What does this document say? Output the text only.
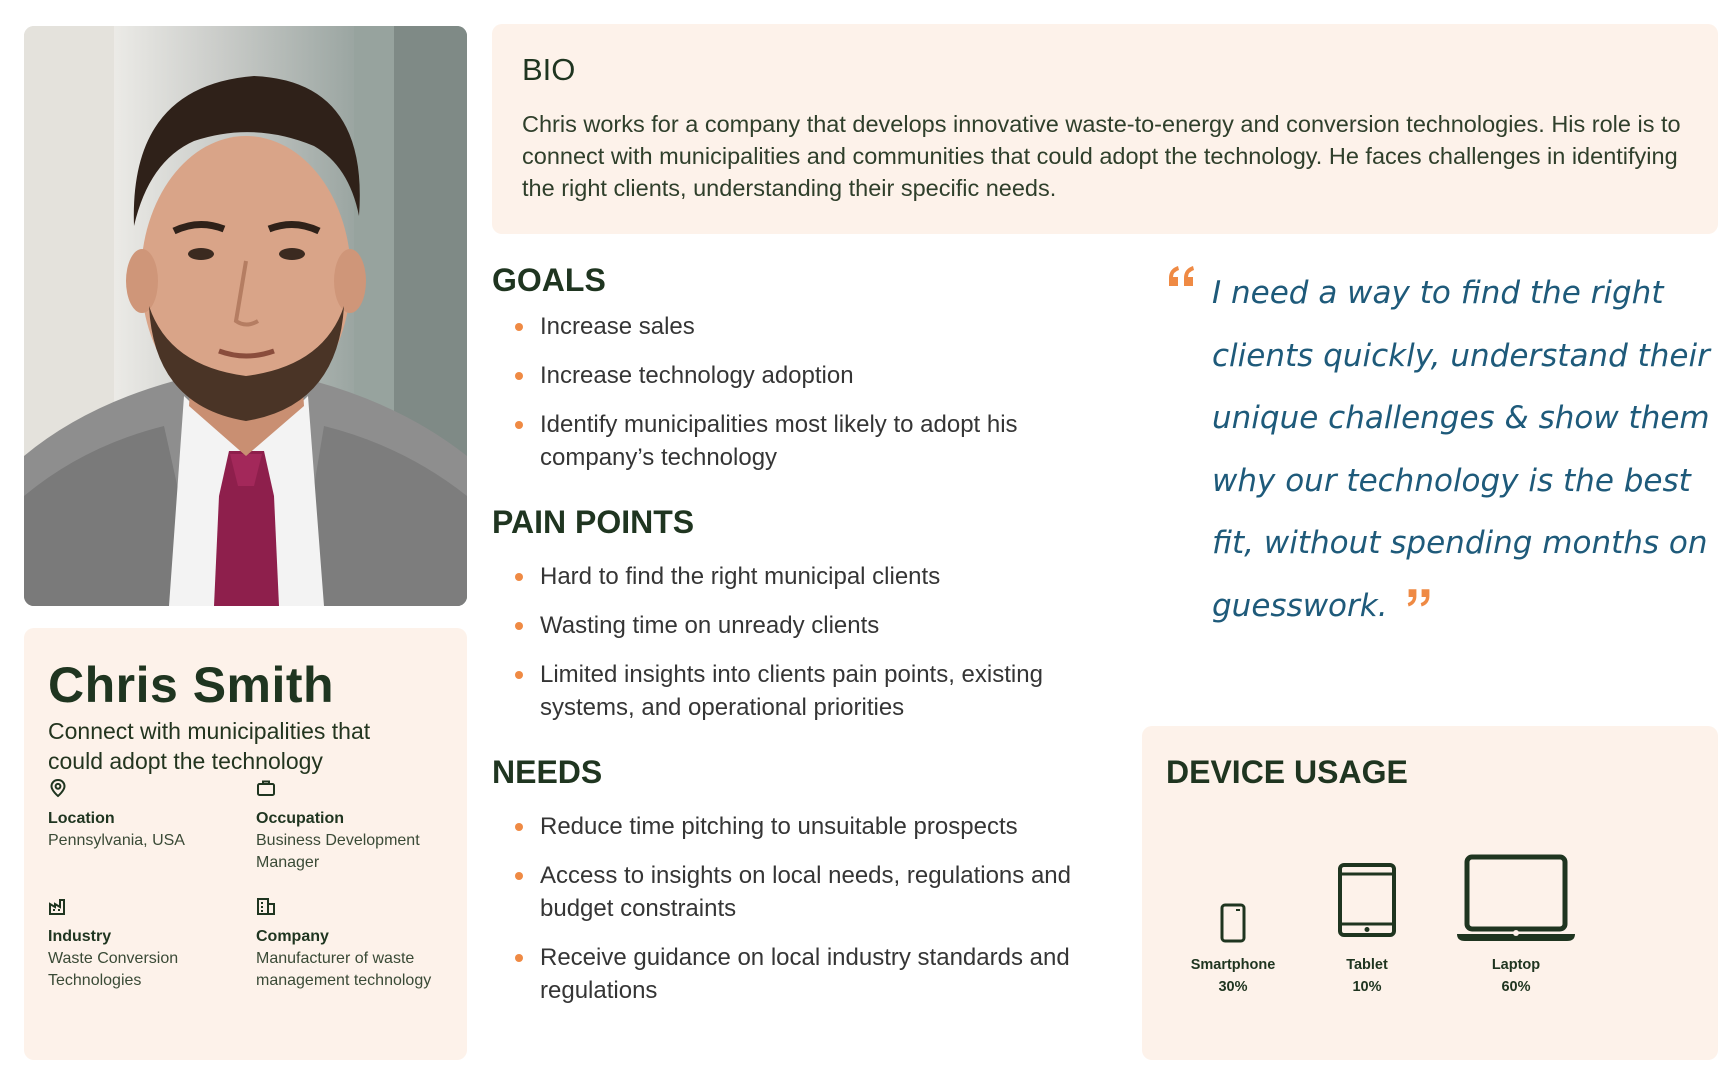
Chris Smith

Connect with municipalities that could adopt the technology

Location
Pennsylvania, USA
Occupation
Business Development Manager
Industry
Waste Conversion Technologies
Company
Manufacturer of waste management technology
BIO

Chris works for a company that develops innovative waste-to-energy and conversion technologies. His role is to connect with municipalities and communities that could adopt the technology. He faces challenges in identifying the right clients, understanding their specific needs.

GOALS
Increase sales
Increase technology adoption
Identify municipalities most likely to adopt his company’s technology
PAIN POINTS
Hard to find the right municipal clients
Wasting time on unready clients
Limited insights into clients pain points, existing systems, and operational priorities
NEEDS
Reduce time pitching to unsuitable prospects
Access to insights on local needs, regulations and budget constraints
Receive guidance on local industry standards and regulations

I need a way to find the right clients quickly, understand their unique challenges & show them why our technology is the best fit, without spending months on guesswork.

DEVICE USAGE
Smartphone
30%
Tablet
10%
Laptop
60%
